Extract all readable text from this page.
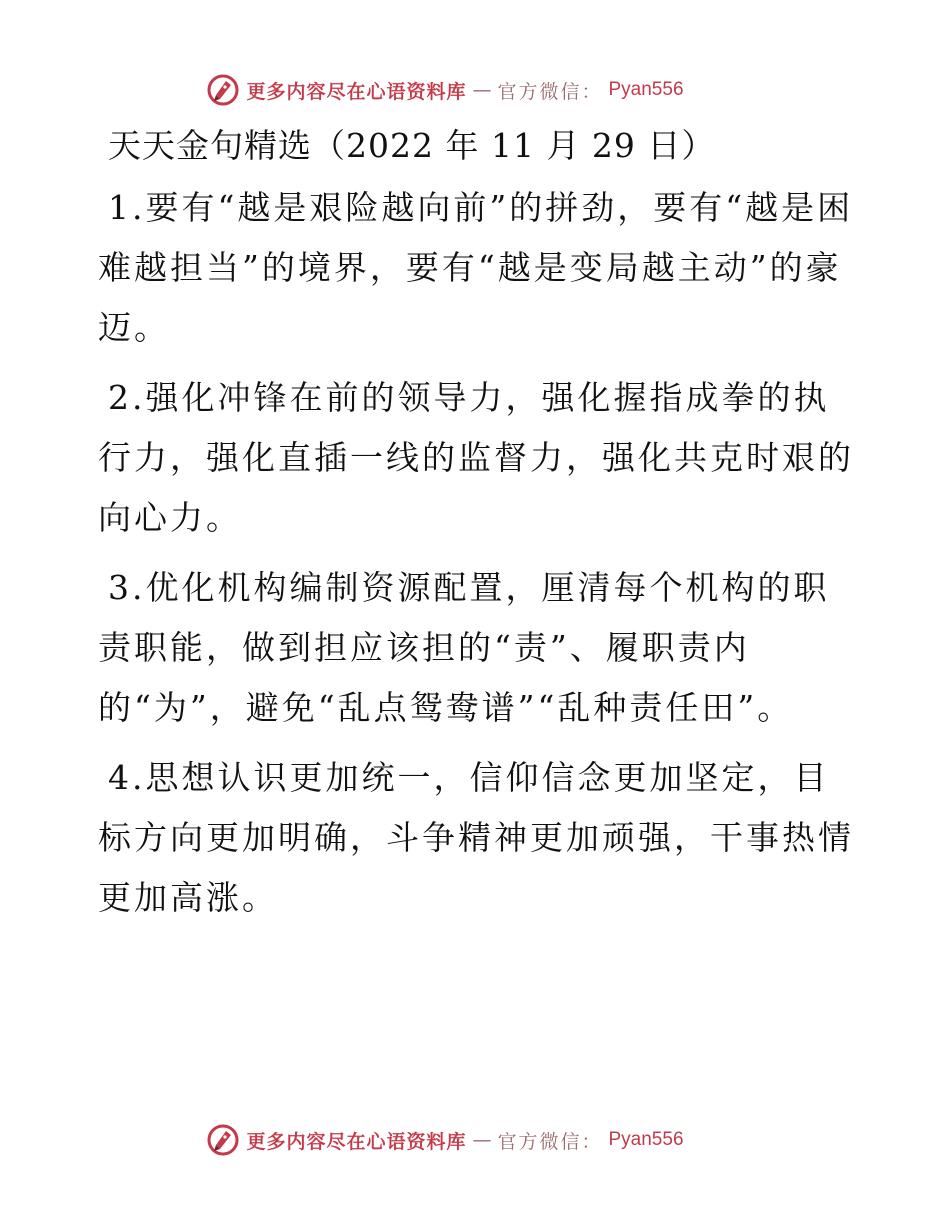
更多内容尽在心语资料库 — 官方微信： Pyan556
天天金句精选（2022 年 11 月 29 日）

1.要有“越是艰险越向前”的拼劲，要有“越是困难越担当”的境界，要有“越是变局越主动”的豪迈。

2.强化冲锋在前的领导力，强化握指成拳的执行力，强化直插一线的监督力，强化共克时艰的向心力。

3.优化机构编制资源配置，厘清每个机构的职责职能，做到担应该担的“责”、履职责内的“为”，避免“乱点鸳鸯谱”“乱种责任田”。

4.思想认识更加统一，信仰信念更加坚定，目标方向更加明确，斗争精神更加顽强，干事热情更加高涨。

更多内容尽在心语资料库 — 官方微信： Pyan556
